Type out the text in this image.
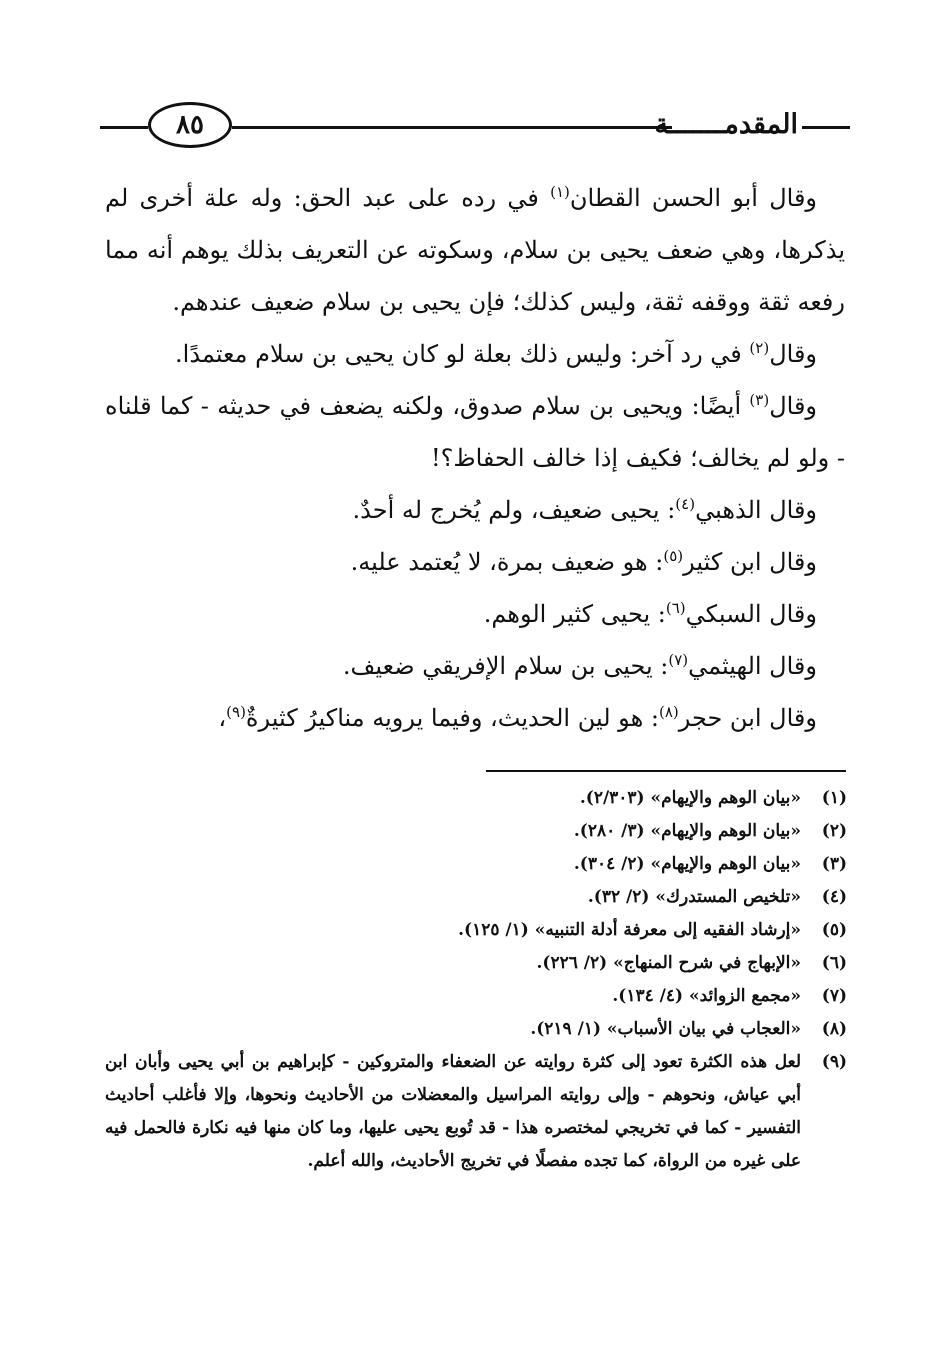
٨٥	المقدمـــــــة

وقال أبو الحسن القطان$^{(١)}$ في رده على عبد الحق: وله علة أخرى لم يذكرها، وهي ضعف يحيى بن سلام، وسكوته عن التعريف بذلك يوهم أنه مما رفعه ثقة ووقفه ثقة، وليس كذلك؛ فإن يحيى بن سلام ضعيف عندهم.

وقال$^{(٢)}$ في رد آخر: وليس ذلك بعلة لو كان يحيى بن سلام معتمدًا.

وقال$^{(٣)}$ أيضًا: ويحيى بن سلام صدوق، ولكنه يضعف في حديثه - كما قلناه - ولو لم يخالف؛ فكيف إذا خالف الحفاظ؟!

وقال الذهبي$^{(٤)}$: يحيى ضعيف، ولم يُخرج له أحدٌ.

وقال ابن كثير$^{(٥)}$: هو ضعيف بمرة، لا يُعتمد عليه.

وقال السبكي$^{(٦)}$: يحيى كثير الوهم.

وقال الهيثمي$^{(٧)}$: يحيى بن سلام الإفريقي ضعيف.

وقال ابن حجر$^{(٨)}$: هو لين الحديث، وفيما يرويه مناكيرُ كثيرةٌ$^{(٩)}$،

(١)
«بيان الوهم والإيهام» (٢/٣٠٣).
(٢)
«بيان الوهم والإيهام» (٣/ ٢٨٠).
(٣)
«بيان الوهم والإيهام» (٢/ ٣٠٤).
(٤)
«تلخيص المستدرك» (٢/ ٣٢).
(٥)
«إرشاد الفقيه إلى معرفة أدلة التنبيه» (١/ ١٢٥).
(٦)
«الإبهاج في شرح المنهاج» (٢/ ٢٢٦).
(٧)
«مجمع الزوائد» (٤/ ١٣٤).
(٨)
«العجاب في بيان الأسباب» (١/ ٢١٩).
(٩)
لعل هذه الكثرة تعود إلى كثرة روايته عن الضعفاء والمتروكين - كإبراهيم بن أبي يحيى وأبان ابن أبي عياش، ونحوهم - وإلى روايته المراسيل والمعضلات من الأحاديث ونحوها، وإلا فأغلب أحاديث التفسير - كما في تخريجي لمختصره هذا - قد تُوبع يحيى عليها، وما كان منها فيه نكارة فالحمل فيه على غيره من الرواة، كما تجده مفصلًا في تخريج الأحاديث، والله أعلم.
